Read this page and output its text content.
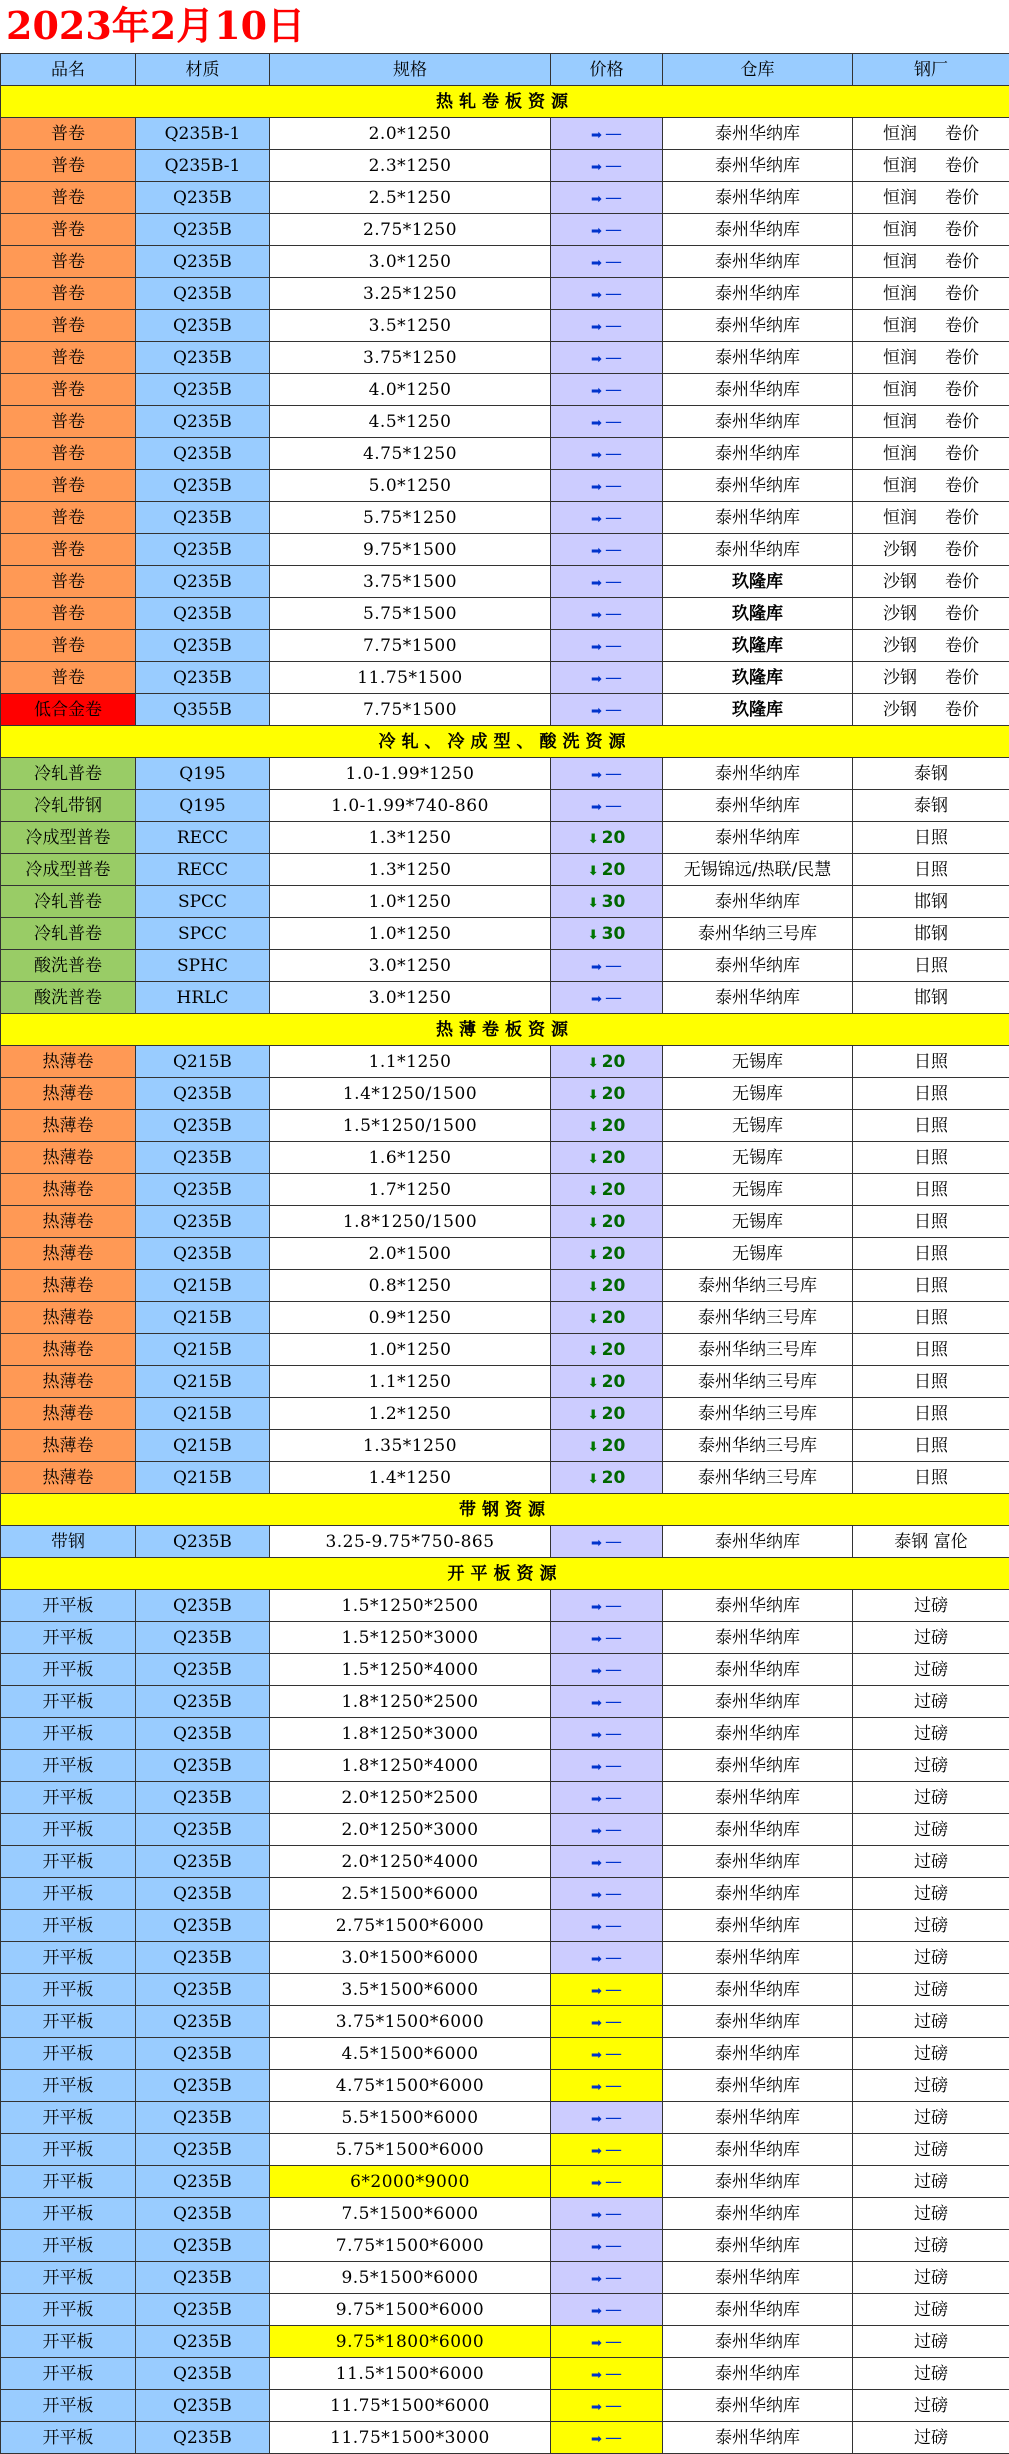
2023年2月10日
品名	材质	规格	价格	仓库	钢厂
热轧卷板资源					
普卷	Q235B-1	2.0*1250	➡ —	泰州华纳库	恒润 卷价
普卷	Q235B-1	2.3*1250	➡ —	泰州华纳库	恒润 卷价
普卷	Q235B	2.5*1250	➡ —	泰州华纳库	恒润 卷价
普卷	Q235B	2.75*1250	➡ —	泰州华纳库	恒润 卷价
普卷	Q235B	3.0*1250	➡ —	泰州华纳库	恒润 卷价
普卷	Q235B	3.25*1250	➡ —	泰州华纳库	恒润 卷价
普卷	Q235B	3.5*1250	➡ —	泰州华纳库	恒润 卷价
普卷	Q235B	3.75*1250	➡ —	泰州华纳库	恒润 卷价
普卷	Q235B	4.0*1250	➡ —	泰州华纳库	恒润 卷价
普卷	Q235B	4.5*1250	➡ —	泰州华纳库	恒润 卷价
普卷	Q235B	4.75*1250	➡ —	泰州华纳库	恒润 卷价
普卷	Q235B	5.0*1250	➡ —	泰州华纳库	恒润 卷价
普卷	Q235B	5.75*1250	➡ —	泰州华纳库	恒润 卷价
普卷	Q235B	9.75*1500	➡ —	泰州华纳库	沙钢 卷价
普卷	Q235B	3.75*1500	➡ —	玖隆库	沙钢 卷价
普卷	Q235B	5.75*1500	➡ —	玖隆库	沙钢 卷价
普卷	Q235B	7.75*1500	➡ —	玖隆库	沙钢 卷价
普卷	Q235B	11.75*1500	➡ —	玖隆库	沙钢 卷价
低合金卷	Q355B	7.75*1500	➡ —	玖隆库	沙钢 卷价
冷轧、冷成型、酸洗资源					
冷轧普卷	Q195	1.0-1.99*1250	➡ —	泰州华纳库	泰钢
冷轧带钢	Q195	1.0-1.99*740-860	➡ —	泰州华纳库	泰钢
冷成型普卷	RECC	1.3*1250	⬇ 20	泰州华纳库	日照
冷成型普卷	RECC	1.3*1250	⬇ 20	无锡锦远/热联/民慧	日照
冷轧普卷	SPCC	1.0*1250	⬇ 30	泰州华纳库	邯钢
冷轧普卷	SPCC	1.0*1250	⬇ 30	泰州华纳三号库	邯钢
酸洗普卷	SPHC	3.0*1250	➡ —	泰州华纳库	日照
酸洗普卷	HRLC	3.0*1250	➡ —	泰州华纳库	邯钢
热薄卷板资源					
热薄卷	Q215B	1.1*1250	⬇ 20	无锡库	日照
热薄卷	Q235B	1.4*1250/1500	⬇ 20	无锡库	日照
热薄卷	Q235B	1.5*1250/1500	⬇ 20	无锡库	日照
热薄卷	Q235B	1.6*1250	⬇ 20	无锡库	日照
热薄卷	Q235B	1.7*1250	⬇ 20	无锡库	日照
热薄卷	Q235B	1.8*1250/1500	⬇ 20	无锡库	日照
热薄卷	Q235B	2.0*1500	⬇ 20	无锡库	日照
热薄卷	Q215B	0.8*1250	⬇ 20	泰州华纳三号库	日照
热薄卷	Q215B	0.9*1250	⬇ 20	泰州华纳三号库	日照
热薄卷	Q215B	1.0*1250	⬇ 20	泰州华纳三号库	日照
热薄卷	Q215B	1.1*1250	⬇ 20	泰州华纳三号库	日照
热薄卷	Q215B	1.2*1250	⬇ 20	泰州华纳三号库	日照
热薄卷	Q215B	1.35*1250	⬇ 20	泰州华纳三号库	日照
热薄卷	Q215B	1.4*1250	⬇ 20	泰州华纳三号库	日照
带钢资源					
带钢	Q235B	3.25-9.75*750-865	➡ —	泰州华纳库	泰钢 富伦
开平板资源					
开平板	Q235B	1.5*1250*2500	➡ —	泰州华纳库	过磅
开平板	Q235B	1.5*1250*3000	➡ —	泰州华纳库	过磅
开平板	Q235B	1.5*1250*4000	➡ —	泰州华纳库	过磅
开平板	Q235B	1.8*1250*2500	➡ —	泰州华纳库	过磅
开平板	Q235B	1.8*1250*3000	➡ —	泰州华纳库	过磅
开平板	Q235B	1.8*1250*4000	➡ —	泰州华纳库	过磅
开平板	Q235B	2.0*1250*2500	➡ —	泰州华纳库	过磅
开平板	Q235B	2.0*1250*3000	➡ —	泰州华纳库	过磅
开平板	Q235B	2.0*1250*4000	➡ —	泰州华纳库	过磅
开平板	Q235B	2.5*1500*6000	➡ —	泰州华纳库	过磅
开平板	Q235B	2.75*1500*6000	➡ —	泰州华纳库	过磅
开平板	Q235B	3.0*1500*6000	➡ —	泰州华纳库	过磅
开平板	Q235B	3.5*1500*6000	➡ —	泰州华纳库	过磅
开平板	Q235B	3.75*1500*6000	➡ —	泰州华纳库	过磅
开平板	Q235B	4.5*1500*6000	➡ —	泰州华纳库	过磅
开平板	Q235B	4.75*1500*6000	➡ —	泰州华纳库	过磅
开平板	Q235B	5.5*1500*6000	➡ —	泰州华纳库	过磅
开平板	Q235B	5.75*1500*6000	➡ —	泰州华纳库	过磅
开平板	Q235B	6*2000*9000	➡ —	泰州华纳库	过磅
开平板	Q235B	7.5*1500*6000	➡ —	泰州华纳库	过磅
开平板	Q235B	7.75*1500*6000	➡ —	泰州华纳库	过磅
开平板	Q235B	9.5*1500*6000	➡ —	泰州华纳库	过磅
开平板	Q235B	9.75*1500*6000	➡ —	泰州华纳库	过磅
开平板	Q235B	9.75*1800*6000	➡ —	泰州华纳库	过磅
开平板	Q235B	11.5*1500*6000	➡ —	泰州华纳库	过磅
开平板	Q235B	11.75*1500*6000	➡ —	泰州华纳库	过磅
开平板	Q235B	11.75*1500*3000	➡ —	泰州华纳库	过磅
